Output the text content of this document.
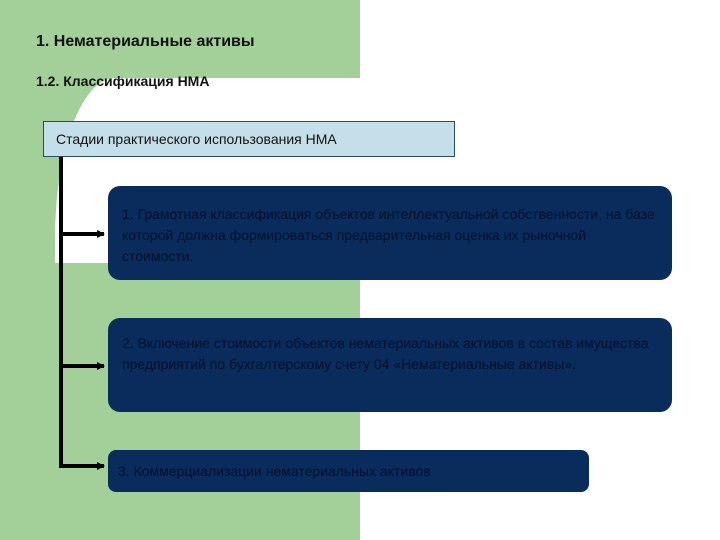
1. Нематериальные активы
1.2. Классификация НМА
Стадии практического использования НМА
1. Грамотная классификация объектов интеллектуальной собственности, на базе которой должна формироваться предварительная оценка их рыночной стоимости.
2. Включение стоимости объектов нематериальных активов в состав имущества предприятий по бухгалтерскому счету 04 «Нематериальные активы».
3. Коммерциализации нематериальных активов
